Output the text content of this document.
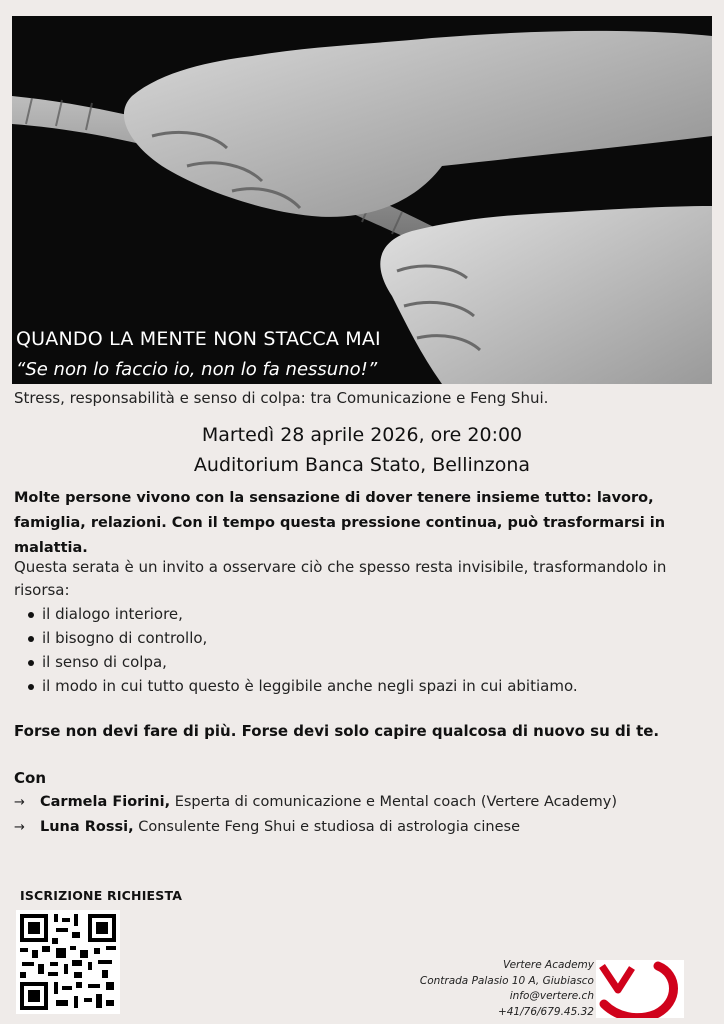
QUANDO LA MENTE NON STACCA MAI
“Se non lo faccio io, non lo fa nessuno!”
Stress, responsabilità e senso di colpa: tra Comunicazione e Feng Shui.
Martedì 28 aprile 2026, ore 20:00
Auditorium Banca Stato, Bellinzona
Molte persone vivono con la sensazione di dover tenere insieme tutto: lavoro, famiglia, relazioni. Con il tempo questa pressione continua, può trasformarsi in malattia.
Questa serata è un invito a osservare ciò che spesso resta invisibile, trasformandolo in risorsa:
il dialogo interiore,
il bisogno di controllo,
il senso di colpa,
il modo in cui tutto questo è leggibile anche negli spazi in cui abitiamo.
Forse non devi fare di più. Forse devi solo capire qualcosa di nuovo su di te.
Con
→ Carmela Fiorini, Esperta di comunicazione e Mental coach (Vertere Academy)
→ Luna Rossi, Consulente Feng Shui e studiosa di astrologia cinese
ISCRIZIONE RICHIESTA
Vertere Academy
Contrada Palasio 10 A, Giubiasco
info@vertere.ch
+41/76/679.45.32
